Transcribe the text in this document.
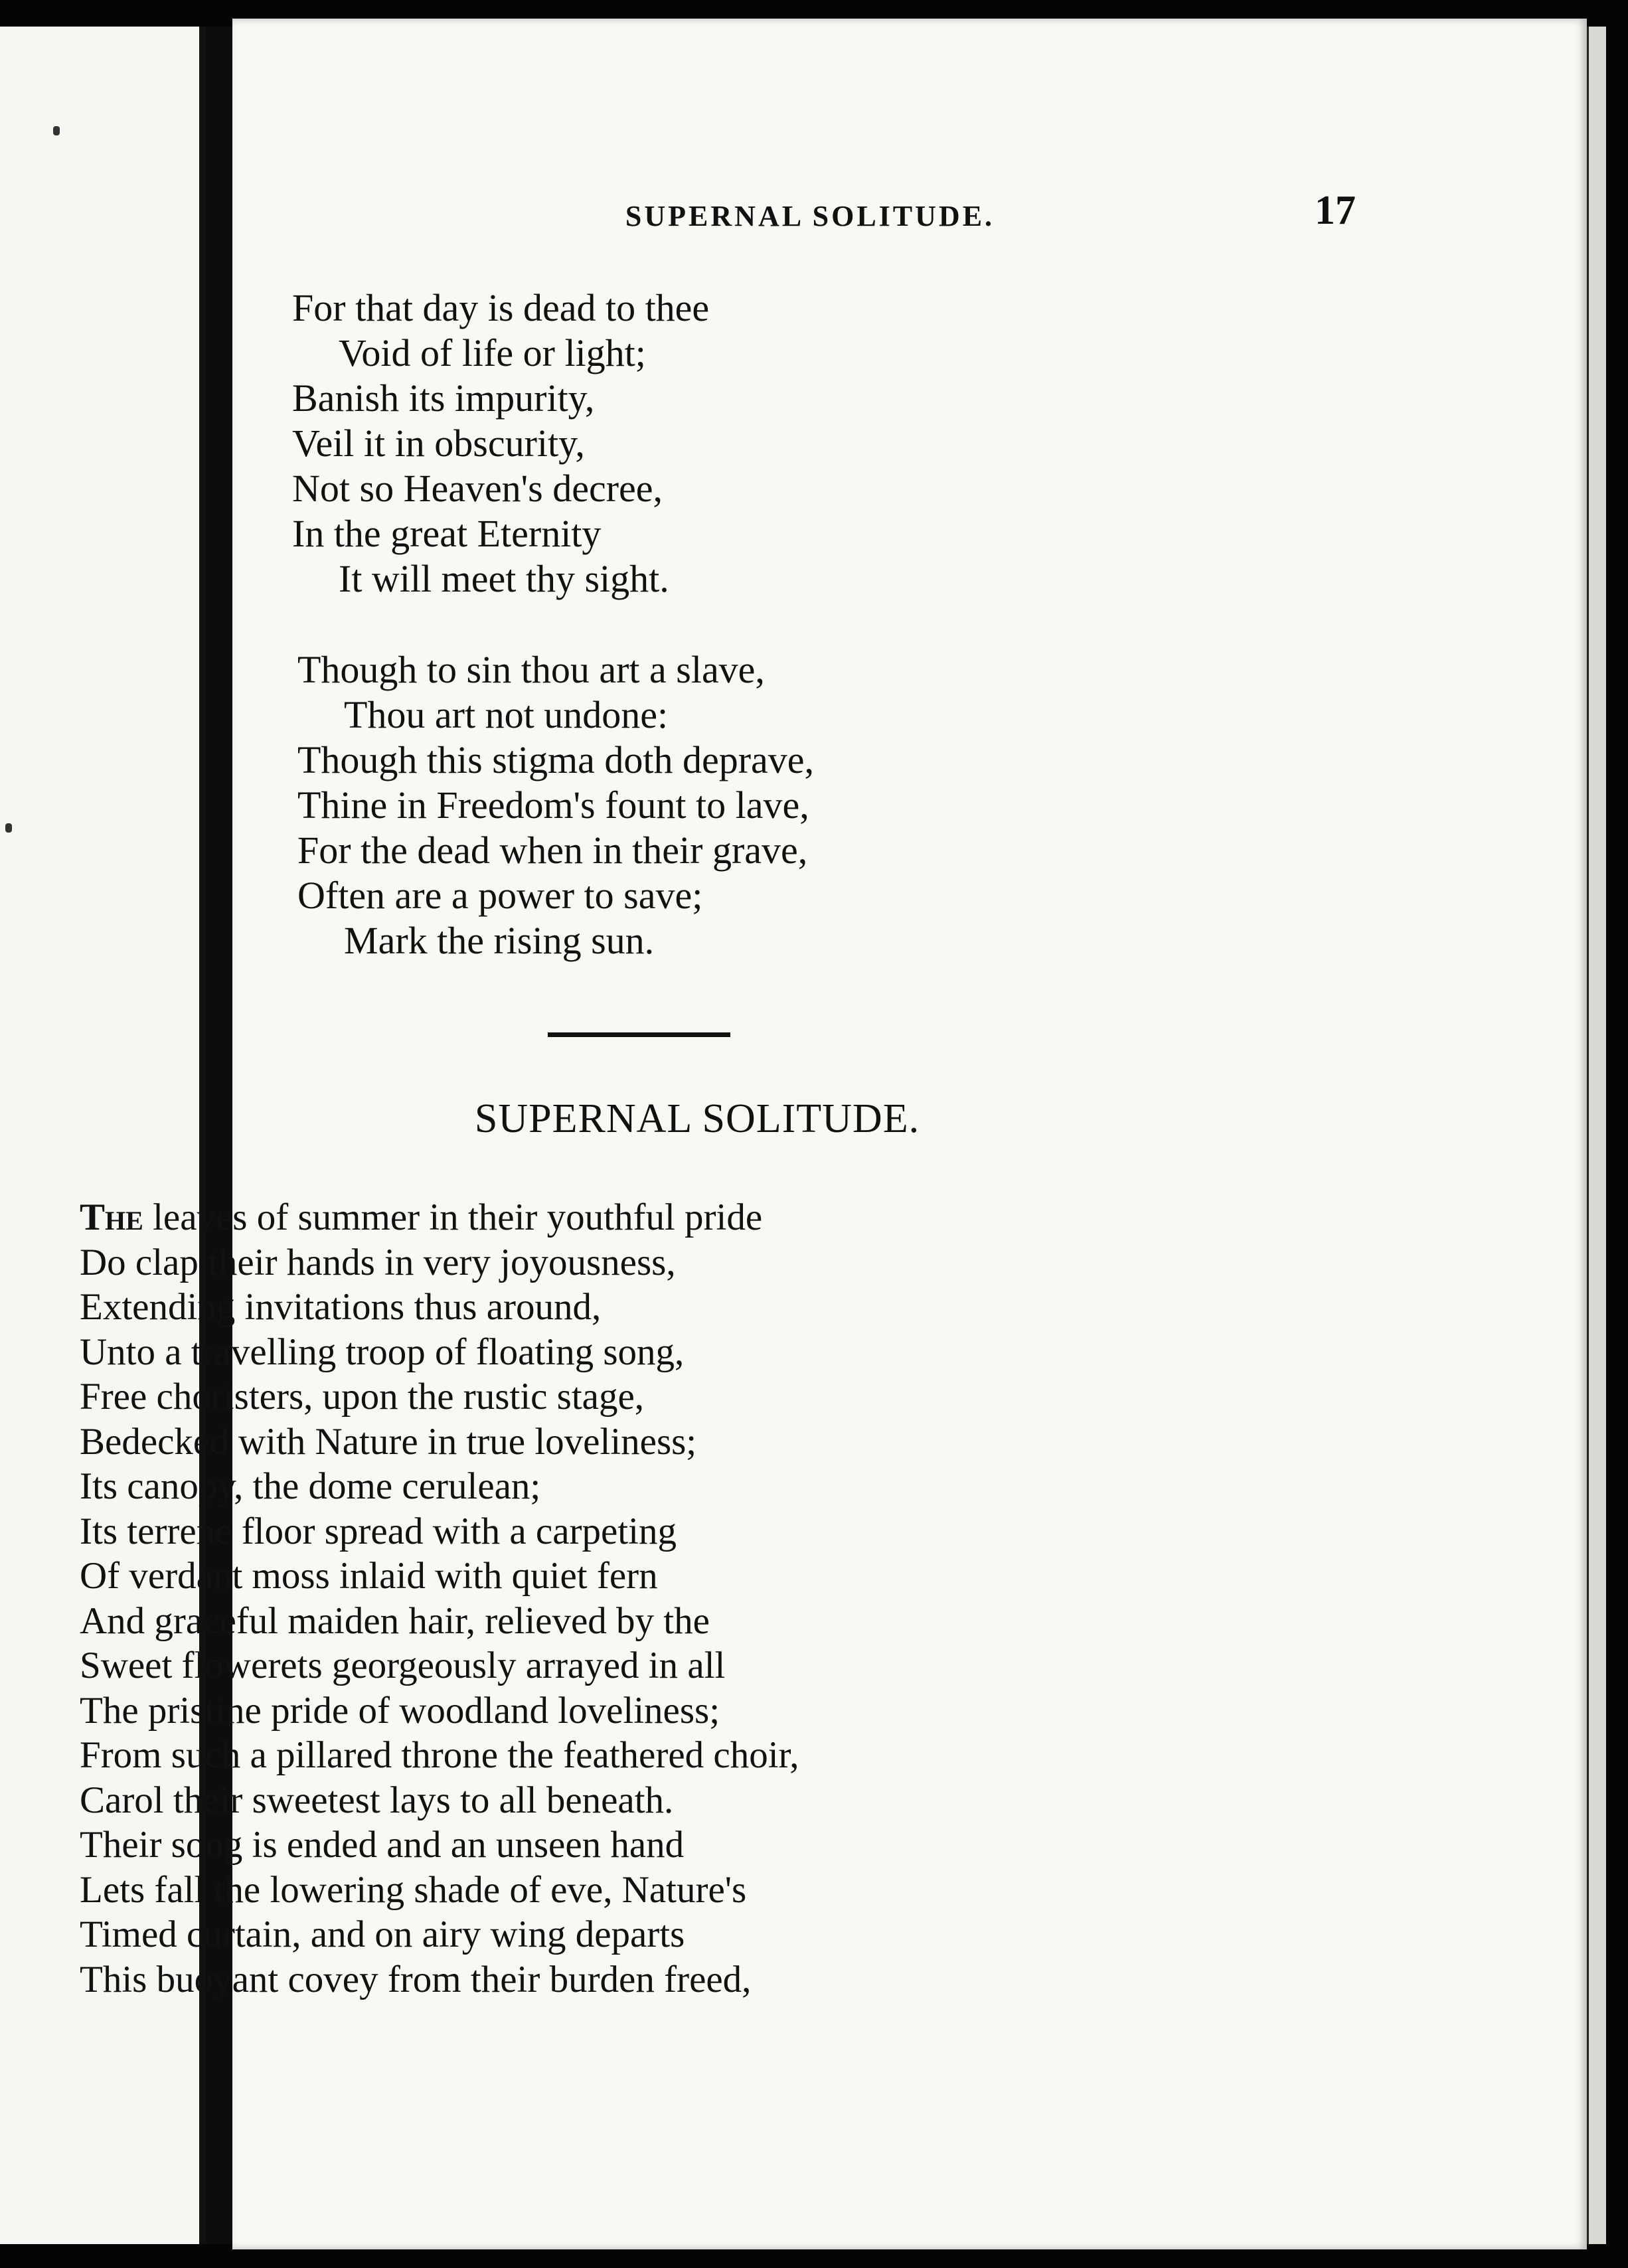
SUPERNAL SOLITUDE.	17
For that day is dead to thee
Void of life or light;
Banish its impurity,
Veil it in obscurity,
Not so Heaven's decree,
In the great Eternity
It will meet thy sight.
Though to sin thou art a slave,
Thou art not undone:
Though this stigma doth deprave,
Thine in Freedom's fount to lave,
For the dead when in their grave,
Often are a power to save;
Mark the rising sun.
SUPERNAL SOLITUDE.
The leaves of summer in their youthful pride
Do clap their hands in very joyousness,
Extending invitations thus around,
Unto a travelling troop of floating song,
Free choristers, upon the rustic stage,
Bedecked with Nature in true loveliness;
Its canopy, the dome cerulean;
Its terrene floor spread with a carpeting
Of verdant moss inlaid with quiet fern
And graceful maiden hair, relieved by the
Sweet flowerets georgeously arrayed in all
The pristine pride of woodland loveliness;
From such a pillared throne the feathered choir,
Carol their sweetest lays to all beneath.
Their song is ended and an unseen hand
Lets fall the lowering shade of eve, Nature's
Timed curtain, and on airy wing departs
This buoyant covey from their burden freed,
